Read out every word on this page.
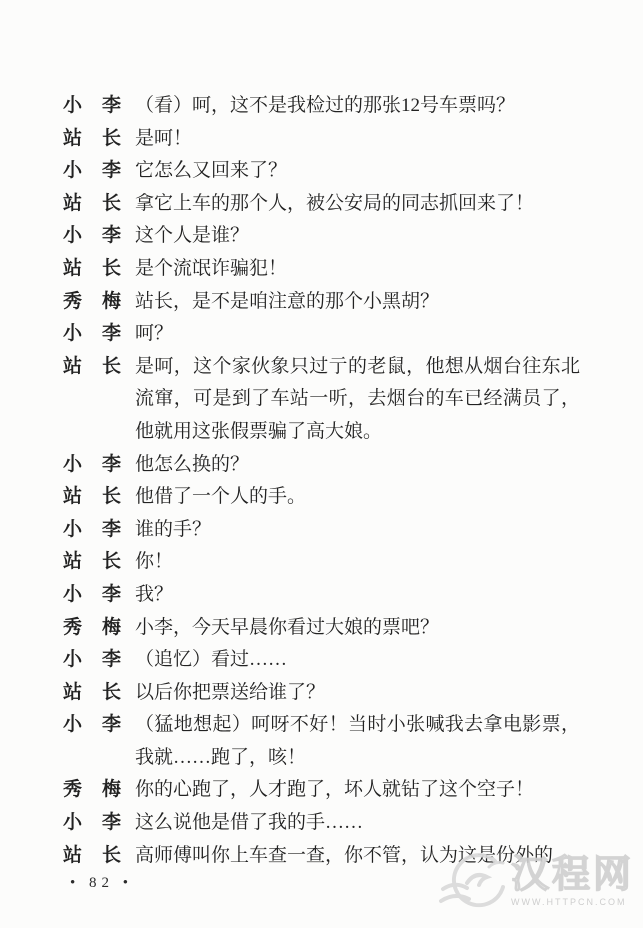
小　李 （看）呵，这不是我检过的那张12号车票吗？
站　长 是呵！
小　李 它怎么又回来了？
站　长 拿它上车的那个人，被公安局的同志抓回来了！
小　李 这个人是谁？
站　长 是个流氓诈骗犯！
秀　梅 站长，是不是咱注意的那个小黑胡？
小　李 呵？
站　长 是呵，这个家伙象只过亍的老鼠，他想从烟台往东北流窜，可是到了车站一听，去烟台的车已经满员了，他就用这张假票骗了高大娘。
小　李 他怎么换的？
站　长 他借了一个人的手。
小　李 谁的手？
站　长 你！
小　李 我？
秀　梅 小李，今天早晨你看过大娘的票吧？
小　李 （追忆）看过……
站　长 以后你把票送给谁了？
小　李 （猛地想起）呵呀不好！当时小张喊我去拿电影票，我就……跑了，咳！
秀　梅 你的心跑了，人才跑了，坏人就钻了这个空子！
小　李 这么说他是借了我的手……
站　长 高师傅叫你上车查一查，你不管，认为这是份外的
• 82 •	汉程网
WWW.HTTPCN.COM
